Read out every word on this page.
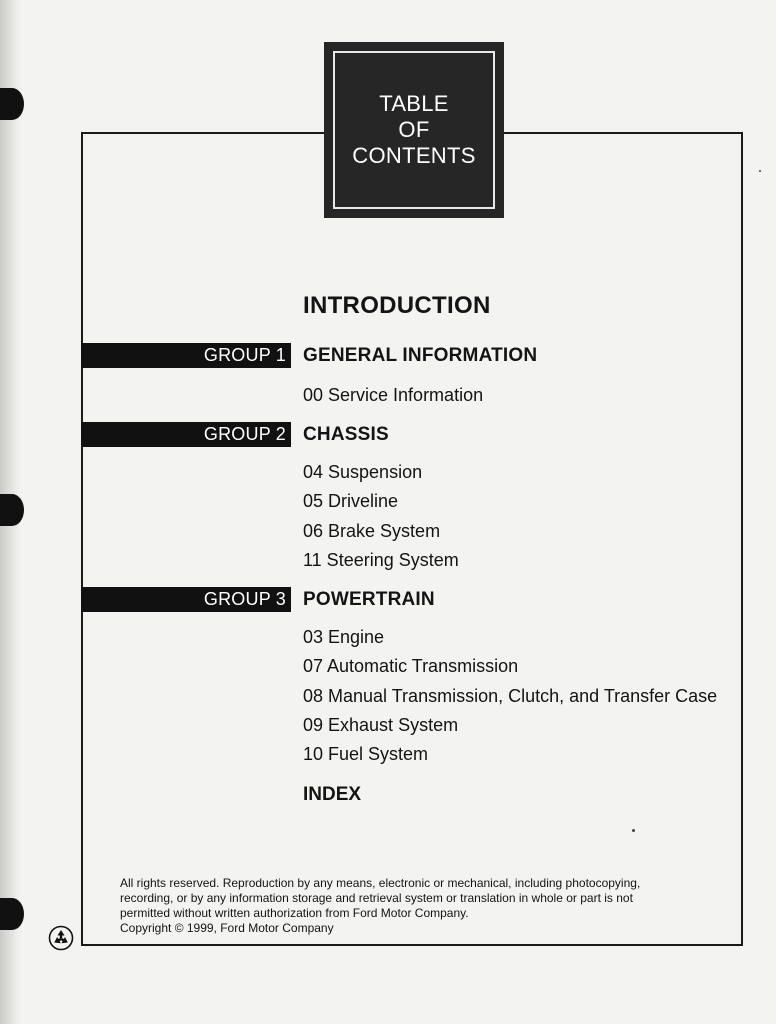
TABLE
OF
CONTENTS
INTRODUCTION
GROUP 1 GENERAL INFORMATION
00 Service Information
GROUP 2 CHASSIS
04 Suspension
05 Driveline
06 Brake System
11 Steering System
GROUP 3 POWERTRAIN
03 Engine
07 Automatic Transmission
08 Manual Transmission, Clutch, and Transfer Case
09 Exhaust System
10 Fuel System
INDEX

All rights reserved. Reproduction by any means, electronic or mechanical, including photocopying,

recording, or by any information storage and retrieval system or translation in whole or part is not

permitted without written authorization from Ford Motor Company.

Copyright © 1999, Ford Motor Company
